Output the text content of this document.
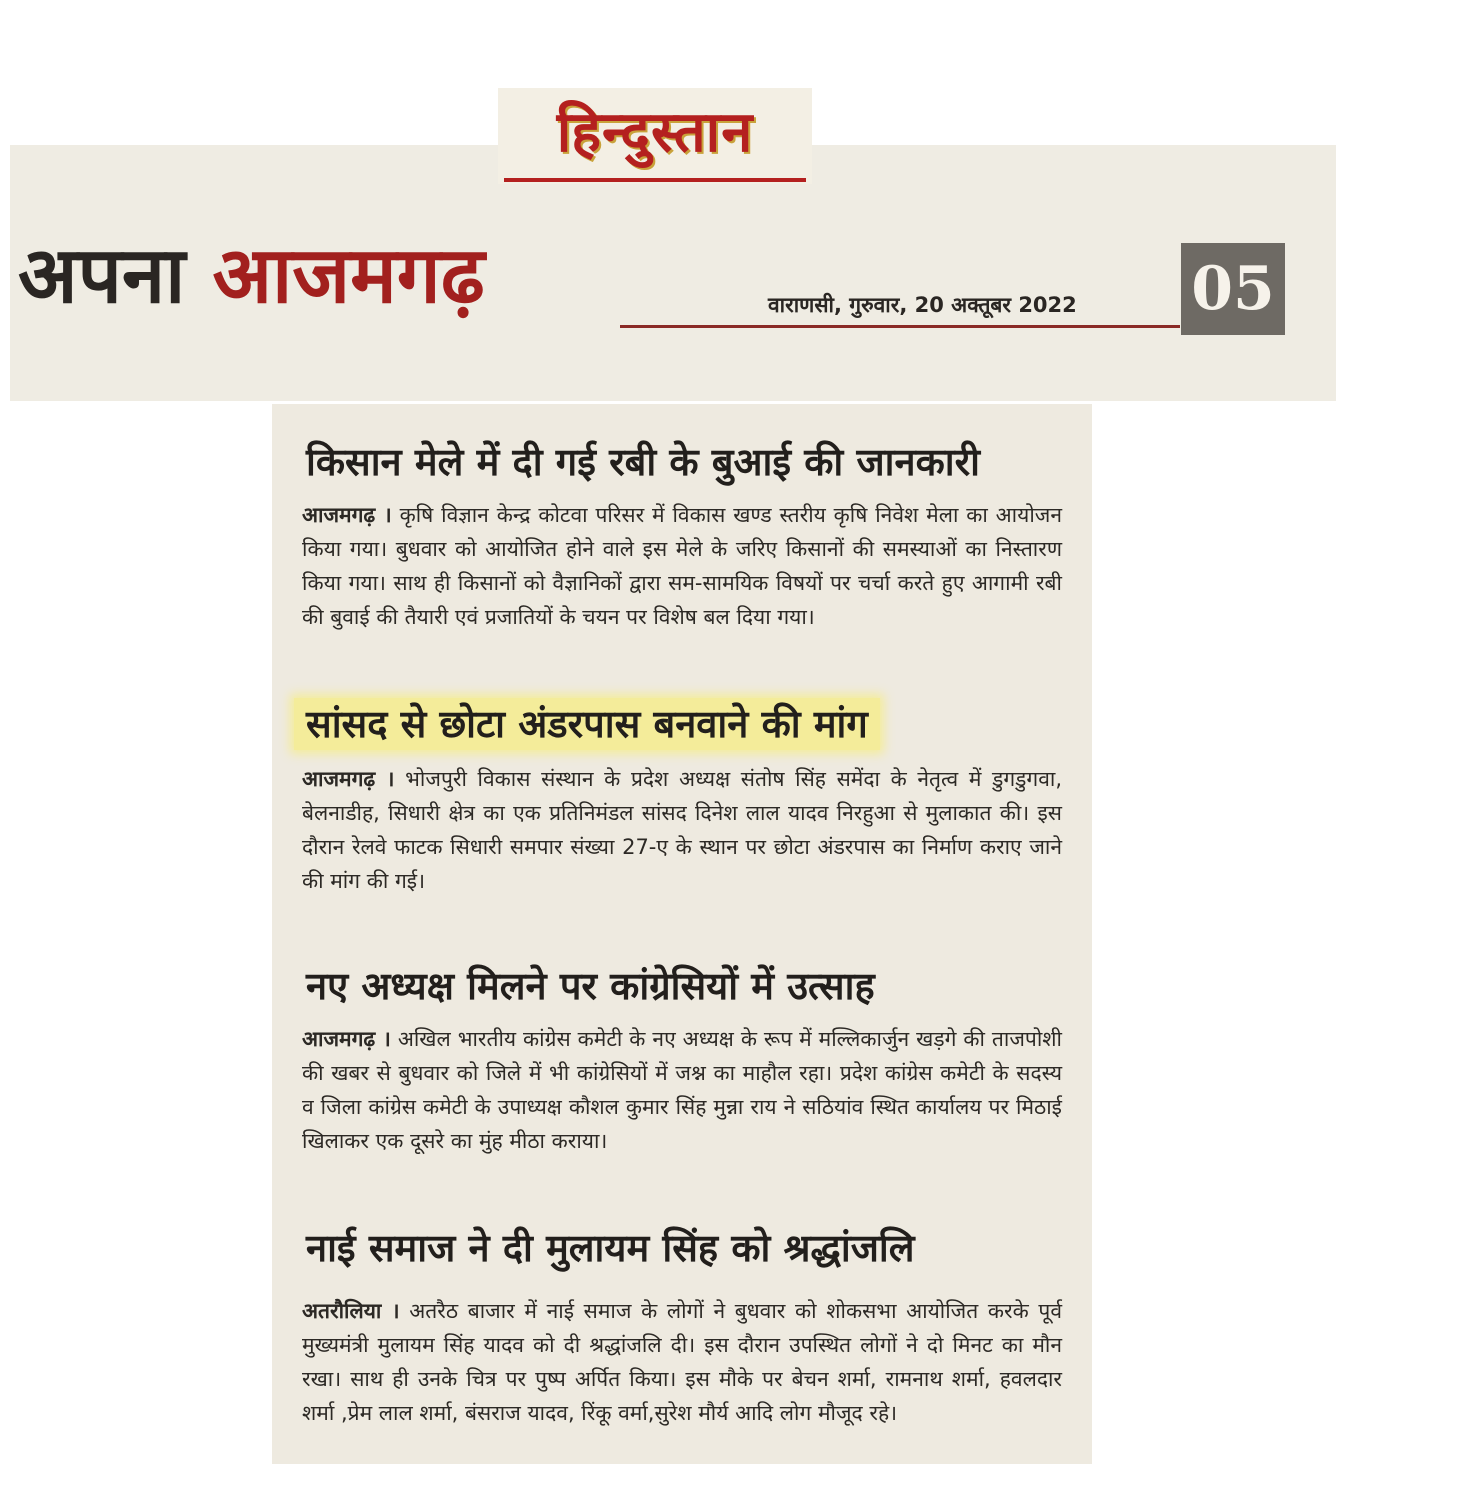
हिन्दुस्तान
अपना आजमगढ़	वाराणसी, गुरुवार, 20 अक्तूबर 2022 05
किसान मेले में दी गई रबी के बुआई की जानकारी

आजमगढ़ । कृषि विज्ञान केन्द्र कोटवा परिसर में विकास खण्ड स्तरीय कृषि निवेश मेला का आयोजन किया गया। बुधवार को आयोजित होने वाले इस मेले के जरिए किसानों की समस्याओं का निस्तारण किया गया। साथ ही किसानों को वैज्ञानिकों द्वारा सम-सामयिक विषयों पर चर्चा करते हुए आगामी रबी की बुवाई की तैयारी एवं प्रजातियों के चयन पर विशेष बल दिया गया।

सांसद से छोटा अंडरपास बनवाने की मांग

आजमगढ़ । भोजपुरी विकास संस्थान के प्रदेश अध्यक्ष संतोष सिंह समेंदा के नेतृत्व में डुगडुगवा, बेलनाडीह, सिधारी क्षेत्र का एक प्रतिनिमंडल सांसद दिनेश लाल यादव निरहुआ से मुलाकात की। इस दौरान रेलवे फाटक सिधारी समपार संख्या 27-ए के स्थान पर छोटा अंडरपास का निर्माण कराए जाने की मांग की गई।

नए अध्यक्ष मिलने पर कांग्रेसियों में उत्साह

आजमगढ़ । अखिल भारतीय कांग्रेस कमेटी के नए अध्यक्ष के रूप में मल्लिकार्जुन खड़गे की ताजपोशी की खबर से बुधवार को जिले में भी कांग्रेसियों में जश्न का माहौल रहा। प्रदेश कांग्रेस कमेटी के सदस्य व जिला कांग्रेस कमेटी के उपाध्यक्ष कौशल कुमार सिंह मुन्ना राय ने सठियांव स्थित कार्यालय पर मिठाई खिलाकर एक दूसरे का मुंह मीठा कराया।

नाई समाज ने दी मुलायम सिंह को श्रद्धांजलि

अतरौलिया । अतरैठ बाजार में नाई समाज के लोगों ने बुधवार को शोकसभा आयोजित करके पूर्व मुख्यमंत्री मुलायम सिंह यादव को दी श्रद्धांजलि दी। इस दौरान उपस्थित लोगों ने दो मिनट का मौन रखा। साथ ही उनके चित्र पर पुष्प अर्पित किया। इस मौके पर बेचन शर्मा, रामनाथ शर्मा, हवलदार शर्मा ,प्रेम लाल शर्मा, बंसराज यादव, रिंकू वर्मा,सुरेश मौर्य आदि लोग मौजूद रहे।
